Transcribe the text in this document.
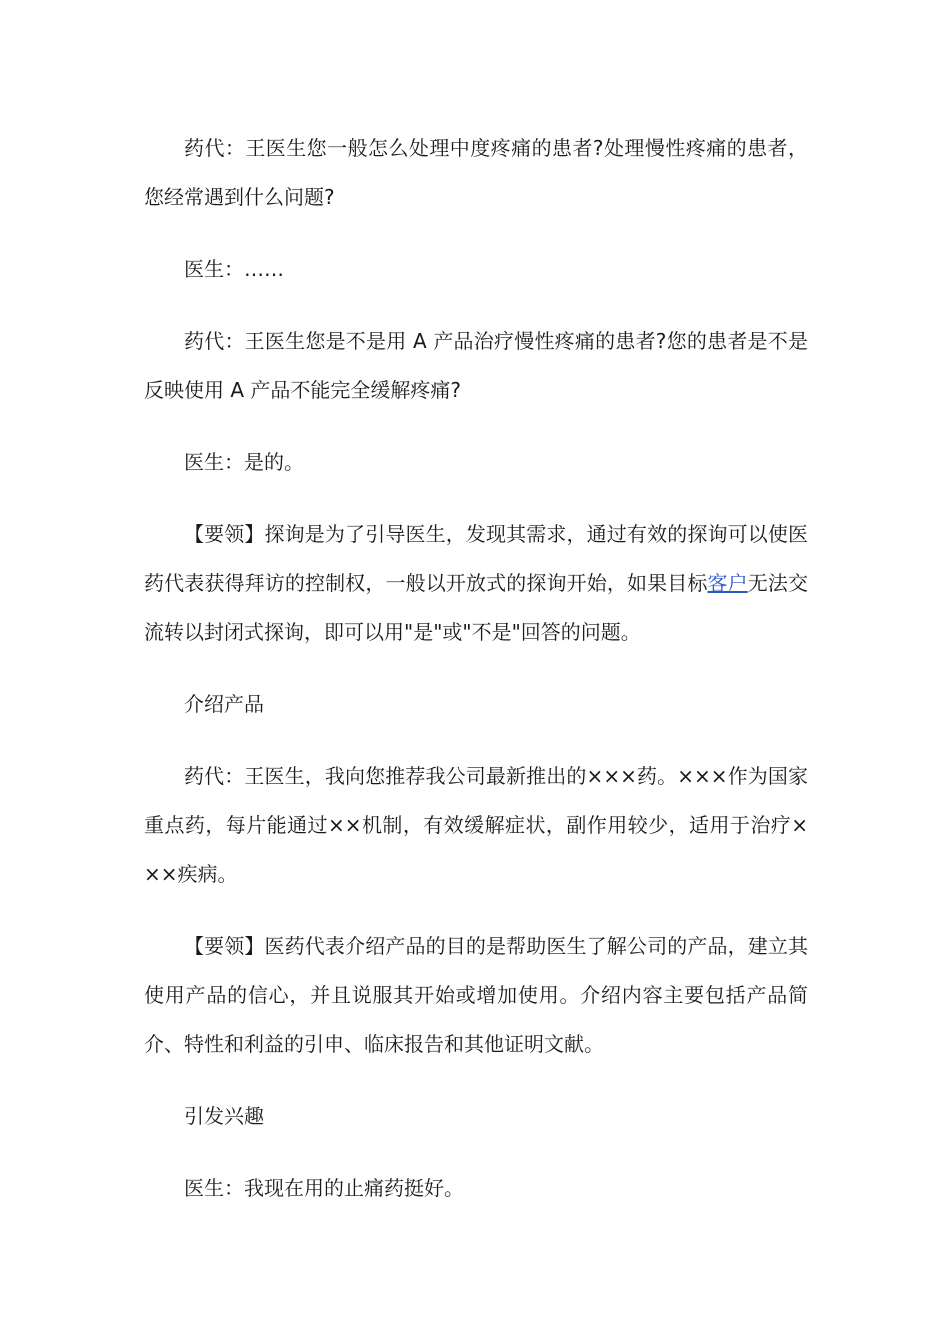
药代：王医生您一般怎么处理中度疼痛的患者?处理慢性疼痛的患者，您经常遇到什么问题?

医生：……

药代：王医生您是不是用 A 产品治疗慢性疼痛的患者?您的患者是不是反映使用 A 产品不能完全缓解疼痛?

医生：是的。

【要领】探询是为了引导医生，发现其需求，通过有效的探询可以使医药代表获得拜访的控制权，一般以开放式的探询开始，如果目标客户无法交流转以封闭式探询，即可以用"是"或"不是"回答的问题。

介绍产品

药代：王医生，我向您推荐我公司最新推出的×××药。×××作为国家重点药，每片能通过××机制，有效缓解症状，副作用较少，适用于治疗×××疾病。

【要领】医药代表介绍产品的目的是帮助医生了解公司的产品，建立其使用产品的信心，并且说服其开始或增加使用。介绍内容主要包括产品简介、特性和利益的引申、临床报告和其他证明文献。

引发兴趣

医生：我现在用的止痛药挺好。
